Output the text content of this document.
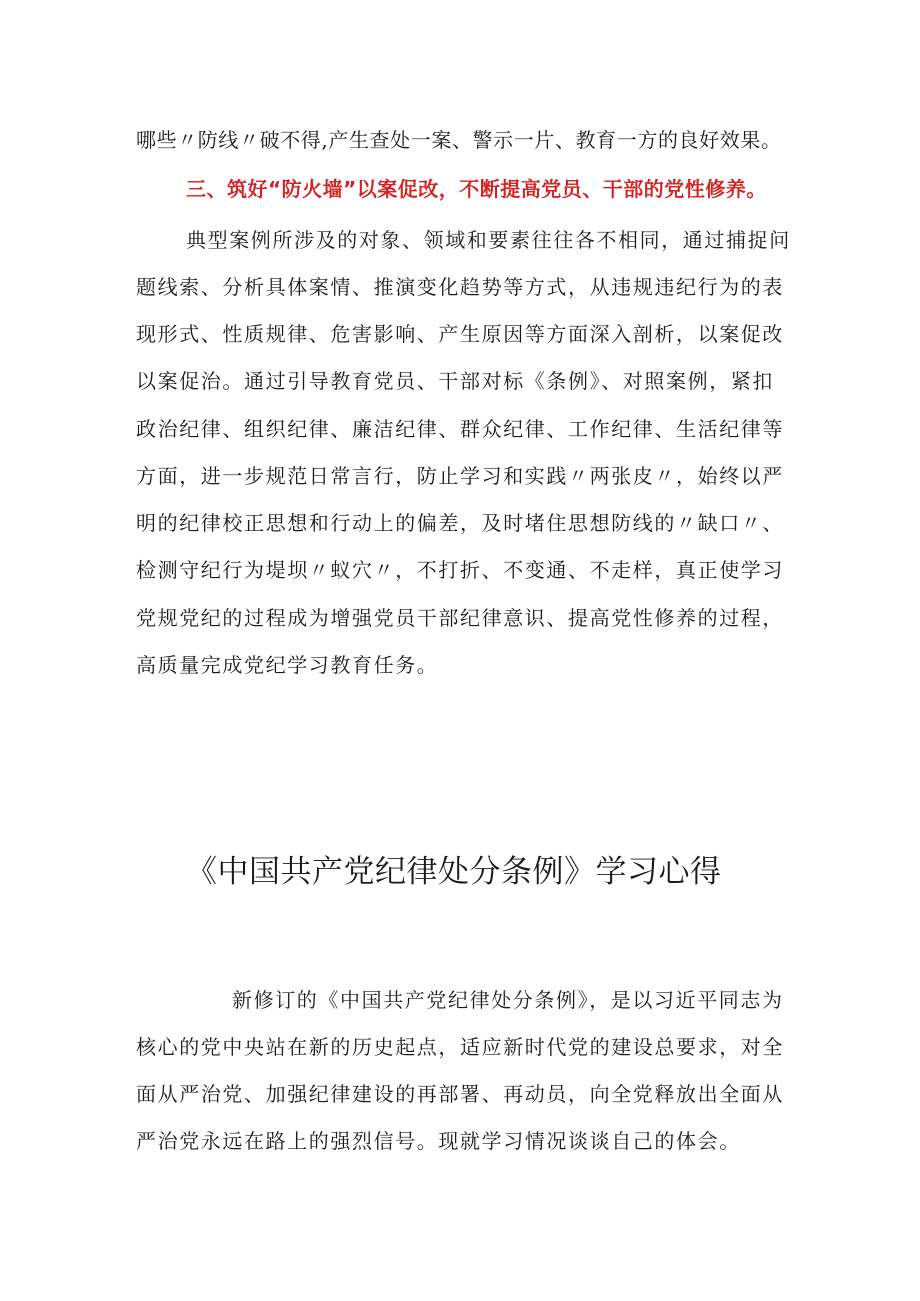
哪些〃防线〃破不得,产生查处一案、警示一片、教育一方的良好效果。
三、筑好“防火墙”以案促改，不断提高党员、干部的党性修养。
典型案例所涉及的对象、领域和要素往往各不相同，通过捕捉问
题线索、分析具体案情、推演变化趋势等方式，从违规违纪行为的表
现形式、性质规律、危害影响、产生原因等方面深入剖析，以案促改
以案促治。通过引导教育党员、干部对标《条例》、对照案例，紧扣
政治纪律、组织纪律、廉洁纪律、群众纪律、工作纪律、生活纪律等
方面，进一步规范日常言行，防止学习和实践〃两张皮〃，始终以严
明的纪律校正思想和行动上的偏差，及时堵住思想防线的〃缺口〃、
检测守纪行为堤坝〃蚁穴〃，不打折、不变通、不走样，真正使学习
党规党纪的过程成为增强党员干部纪律意识、提高党性修养的过程，
高质量完成党纪学习教育任务。
《中国共产党纪律处分条例》学习心得
新修订的《中国共产党纪律处分条例》，是以习近平同志为
核心的党中央站在新的历史起点，适应新时代党的建设总要求，对全
面从严治党、加强纪律建设的再部署、再动员，向全党释放出全面从
严治党永远在路上的强烈信号。现就学习情况谈谈自己的体会。
